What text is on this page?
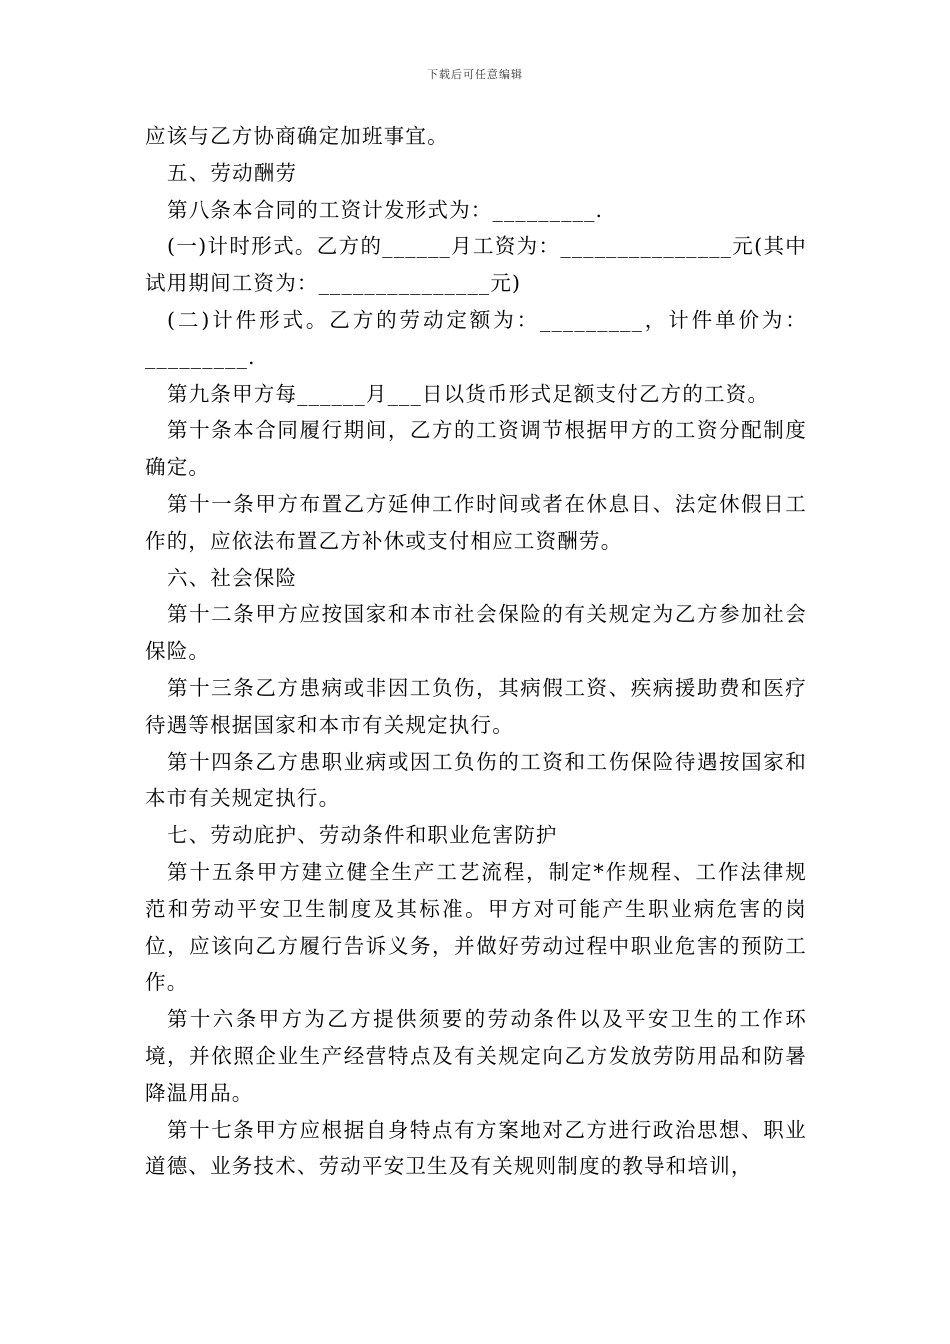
下载后可任意编辑

应该与乙方协商确定加班事宜。

五、劳动酬劳

第八条本合同的工资计发形式为：_________.

(一)计时形式。乙方的______月工资为：_______________元(其中试用期间工资为：_______________元)

(二)计件形式。乙方的劳动定额为：_________，计件单价为：_________.

第九条甲方每______月___日以货币形式足额支付乙方的工资。

第十条本合同履行期间，乙方的工资调节根据甲方的工资分配制度确定。

第十一条甲方布置乙方延伸工作时间或者在休息日、法定休假日工作的，应依法布置乙方补休或支付相应工资酬劳。

六、社会保险

第十二条甲方应按国家和本市社会保险的有关规定为乙方参加社会保险。

第十三条乙方患病或非因工负伤，其病假工资、疾病援助费和医疗待遇等根据国家和本市有关规定执行。

第十四条乙方患职业病或因工负伤的工资和工伤保险待遇按国家和本市有关规定执行。

七、劳动庇护、劳动条件和职业危害防护

第十五条甲方建立健全生产工艺流程，制定*作规程、工作法律规范和劳动平安卫生制度及其标准。甲方对可能产生职业病危害的岗位，应该向乙方履行告诉义务，并做好劳动过程中职业危害的预防工作。

第十六条甲方为乙方提供须要的劳动条件以及平安卫生的工作环境，并依照企业生产经营特点及有关规定向乙方发放劳防用品和防暑降温用品。

第十七条甲方应根据自身特点有方案地对乙方进行政治思想、职业道德、业务技术、劳动平安卫生及有关规则制度的教导和培训，
